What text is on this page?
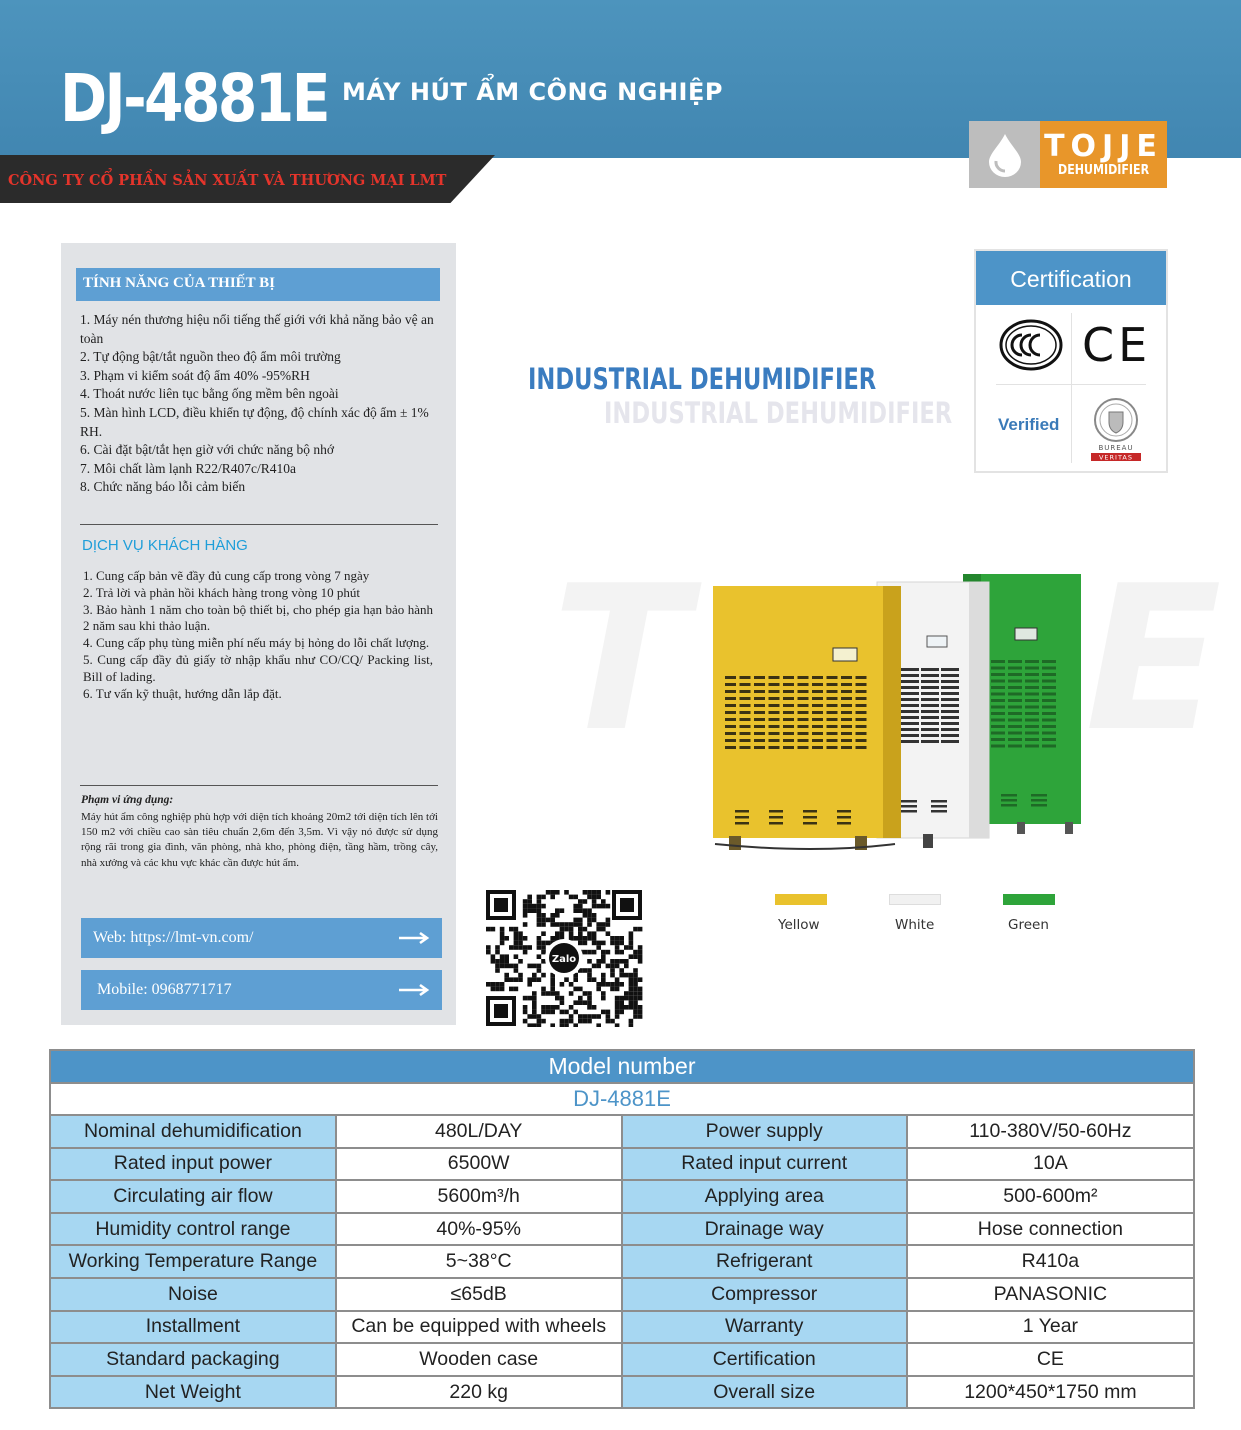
DJ-4881E MÁY HÚT ẨM CÔNG NGHIỆP
CÔNG TY CỔ PHẦN SẢN XUẤT VÀ THƯƠNG MẠI LMT
TOJJE
DEHUMIDIFIER
TÍNH NĂNG CỦA THIẾT BỊ
1. Máy nén thương hiệu nổi tiếng thế giới với khả năng bảo vệ an toàn
2. Tự động bật/tắt nguồn theo độ ẩm môi trường
3. Phạm vi kiểm soát độ ẩm 40% -95%RH
4. Thoát nước liên tục bằng ống mềm bên ngoài
5. Màn hình LCD, điều khiển tự động, độ chính xác độ ẩm ± 1% RH.
6. Cài đặt bật/tắt hẹn giờ với chức năng bộ nhớ
7. Môi chất làm lạnh R22/R407c/R410a
8. Chức năng báo lỗi cảm biến
DỊCH VỤ KHÁCH HÀNG
1. Cung cấp bản vẽ đầy đủ cung cấp trong vòng 7 ngày
2. Trả lời và phản hồi khách hàng trong vòng 10 phút
3. Bảo hành 1 năm cho toàn bộ thiết bị, cho phép gia hạn bảo hành 2 năm sau khi thảo luận.
4. Cung cấp phụ tùng miễn phí nếu máy bị hỏng do lỗi chất lượng.
5. Cung cấp đầy đủ giấy tờ nhập khẩu như CO/CQ/ Packing list, Bill of lading.
6. Tư vấn kỹ thuật, hướng dẫn lắp đặt.
Phạm vi ứng dụng:
Máy hút ẩm công nghiệp phù hợp với diện tích khoảng 20m2 tới diện tích lên tới 150 m2 với chiều cao sàn tiêu chuẩn 2,6m đến 3,5m. Vì vậy nó được sử dụng rộng rãi trong gia đình, văn phòng, nhà kho, phòng điện, tầng hầm, trồng cây, nhà xưởng và các khu vực khác cần được hút ẩm.
Web: https://lmt-vn.com/
Mobile: 0968771717
Zalo
INDUSTRIAL DEHUMIDIFIER
INDUSTRIAL DEHUMIDIFIER
Certification
CE
Verified
BUREAU
VERITAS
T E
Yellow	White	Green
Model number			
DJ-4881E			
Nominal dehumidification	480L/DAY	Power supply	110-380V/50-60Hz
Rated input power	6500W	Rated input current	10A
Circulating air flow	5600m³/h	Applying area	500-600m²
Humidity control range	40%-95%	Drainage way	Hose connection
Working Temperature Range	5~38°C	Refrigerant	R410a
Noise	≤65dB	Compressor	PANASONIC
Installment	Can be equipped with wheels	Warranty	1 Year
Standard packaging	Wooden case	Certification	CE
Net Weight	220 kg	Overall size	1200*450*1750 mm
